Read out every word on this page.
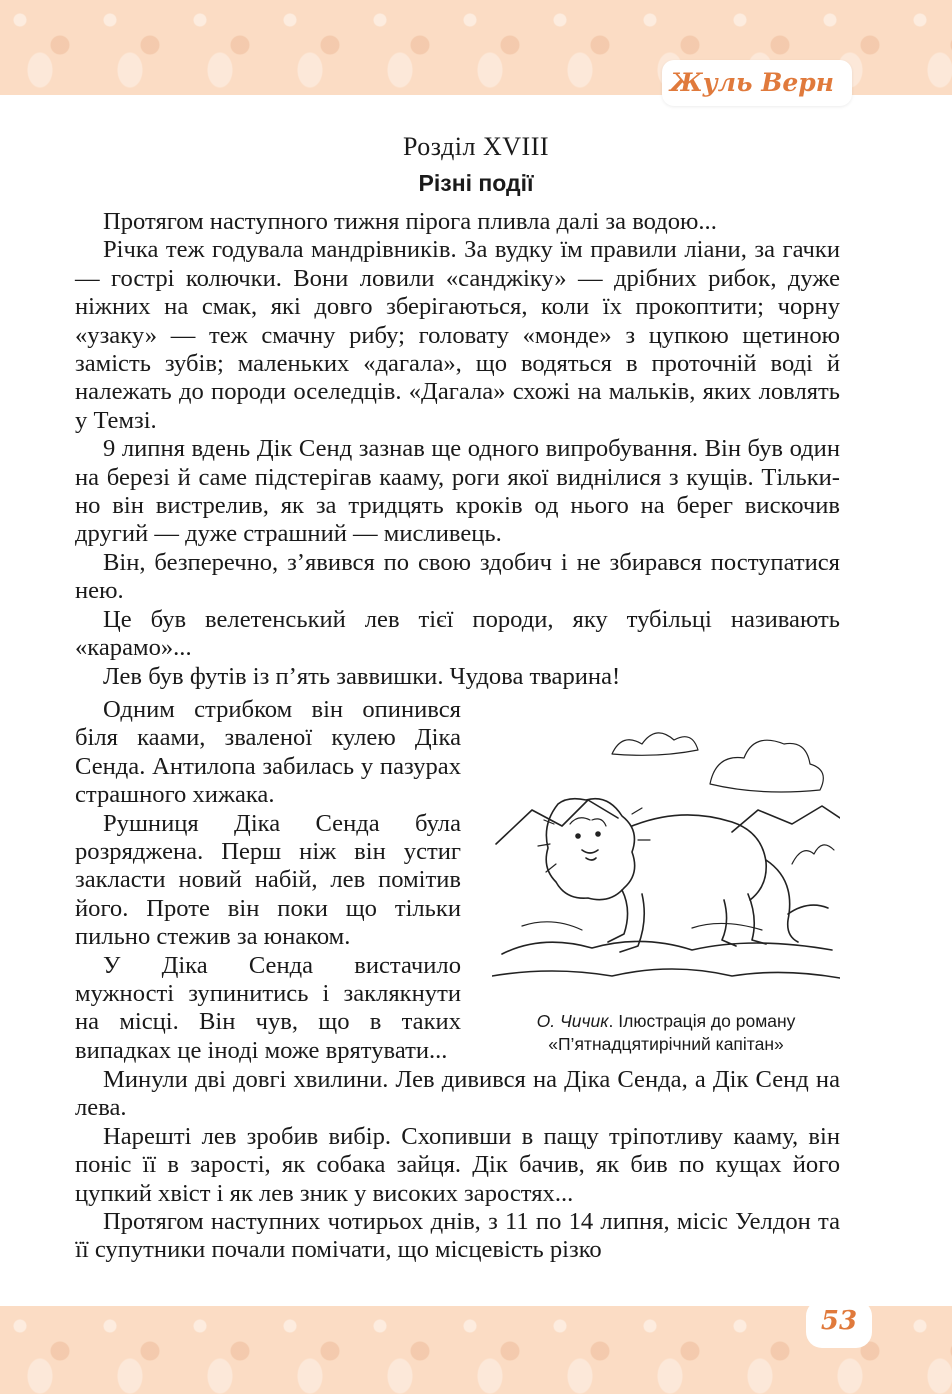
Жуль Верн
Розділ XVIII
Різні події

Протягом наступного тижня пірога пливла далі за водою...

Річка теж годувала мандрівників. За вудку їм правили ліани, за гачки — гострі колючки. Вони ловили «санджіку» — дрібних рибок, дуже ніжних на смак, які довго зберігаються, коли їх прокоптити; чорну «узаку» — теж смачну рибу; головату «монде» з цупкою щетиною замість зубів; маленьких «дагала», що водяться в проточній воді й належать до породи оселедців. «Дагала» схожі на мальків, яких ловлять у Темзі.

9 липня вдень Дік Сенд зазнав ще одного випробування. Він був один на березі й саме підстерігав кааму, роги якої виднілися з кущів. Тільки-но він вистрелив, як за тридцять кроків од нього на берег вискочив другий — дуже страшний — мисливець.

Він, безперечно, з’явився по свою здобич і не збирався поступатися нею.

Це був велетенський лев тієї породи, яку тубільці називають «карамо»...

Лев був футів із п’ять заввишки. Чудова тварина!

Одним стрибком він опинився біля каами, зваленої кулею Діка Сенда. Антилопа забилась у пазурах страшного хижака.

Рушниця Діка Сенда була розряджена. Перш ніж він устиг закласти новий набій, лев помітив його. Проте він поки що тільки пильно стежив за юнаком.

У Діка Сенда вистачило мужності зупинитись і заклякнути на місці. Він чув, що в таких випадках це іноді може врятувати...

О. Чичик. Ілюстрація до роману
«П’ятнадцятирічний капітан»

Минули дві довгі хвилини. Лев дивився на Діка Сенда, а Дік Сенд на лева.

Нарешті лев зробив вибір. Схопивши в пащу тріпотливу кааму, він поніс її в зарості, як собака зайця. Дік бачив, як бив по кущах його цупкий хвіст і як лев зник у високих заростях...

Протягом наступних чотирьох днів, з 11 по 14 липня, місіс Уелдон та її супутники почали помічати, що місцевість різко

53
